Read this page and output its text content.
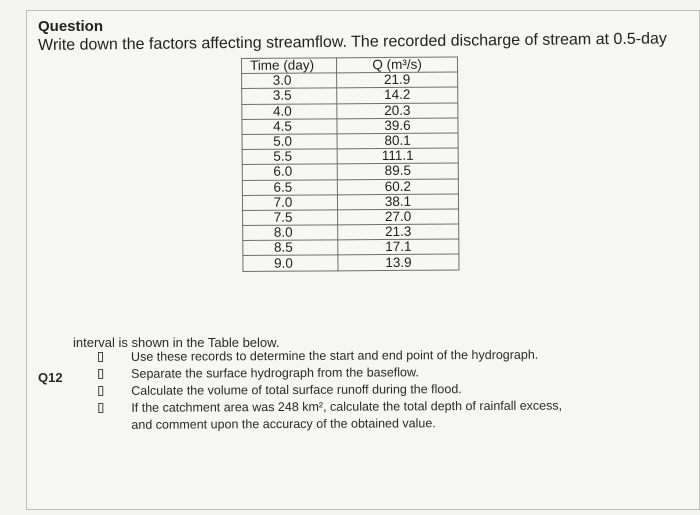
Question
Write down the factors affecting streamflow. The recorded discharge of stream at 0.5-day
Time (day)	Q (m³/s)
3.0	21.9
3.5	14.2
4.0	20.3
4.5	39.6
5.0	80.1
5.5	111.1
6.0	89.5
6.5	60.2
7.0	38.1
7.5	27.0
8.0	21.3
8.5	17.1
9.0	13.9
interval is shown in the Table below.
Q12
Use these records to determine the start and end point of the hydrograph.
Separate the surface hydrograph from the baseflow.
Calculate the volume of total surface runoff during the flood.
If the catchment area was 248 km², calculate the total depth of rainfall excess,
and comment upon the accuracy of the obtained value.
